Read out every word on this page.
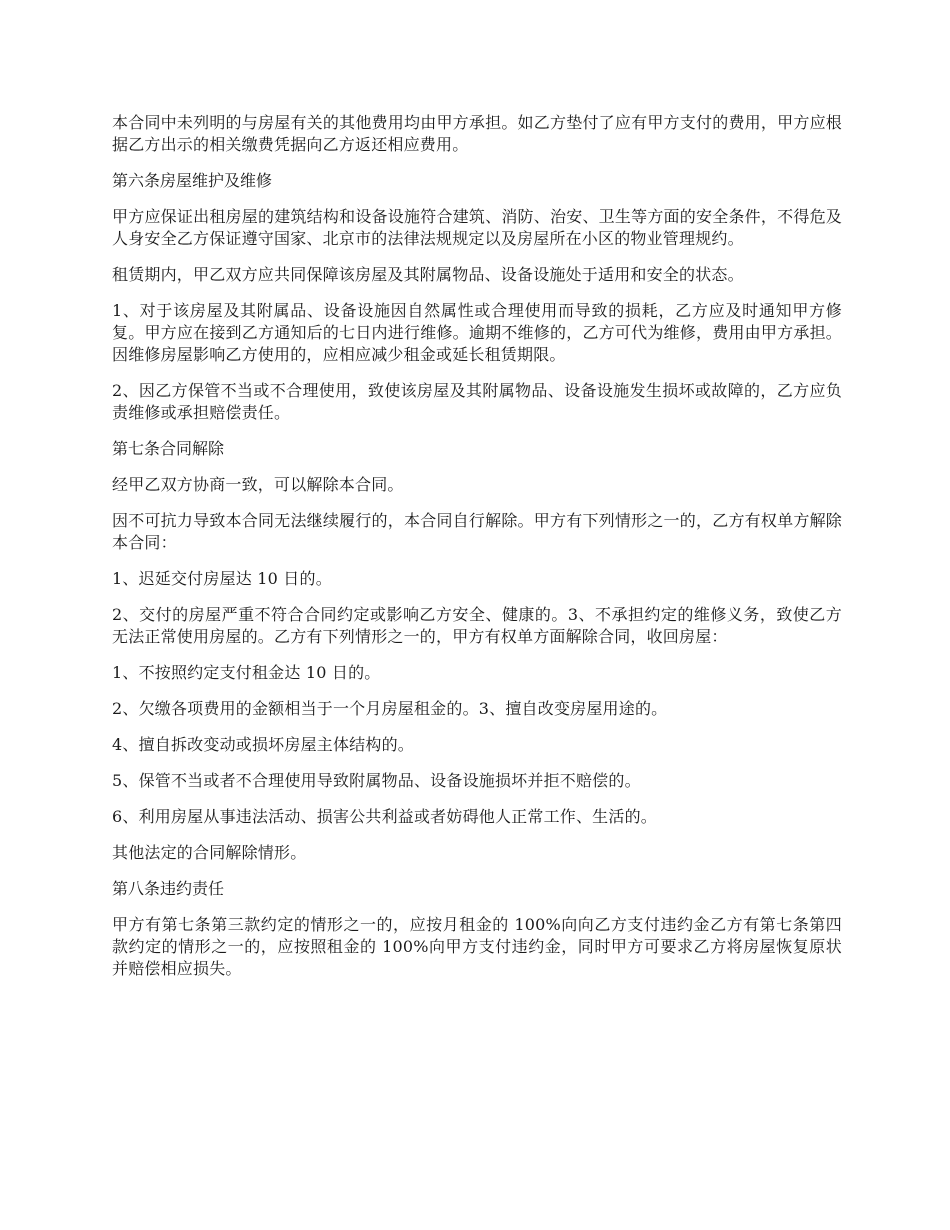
本合同中未列明的与房屋有关的其他费用均由甲方承担。如乙方垫付了应有甲方支付的费用，甲方应根据乙方出示的相关缴费凭据向乙方返还相应费用。

第六条房屋维护及维修

甲方应保证出租房屋的建筑结构和设备设施符合建筑、消防、治安、卫生等方面的安全条件，不得危及人身安全乙方保证遵守国家、北京市的法律法规规定以及房屋所在小区的物业管理规约。

租赁期内，甲乙双方应共同保障该房屋及其附属物品、设备设施处于适用和安全的状态。

1、对于该房屋及其附属品、设备设施因自然属性或合理使用而导致的损耗，乙方应及时通知甲方修复。甲方应在接到乙方通知后的七日内进行维修。逾期不维修的，乙方可代为维修，费用由甲方承担。因维修房屋影响乙方使用的，应相应减少租金或延长租赁期限。

2、因乙方保管不当或不合理使用，致使该房屋及其附属物品、设备设施发生损坏或故障的，乙方应负责维修或承担赔偿责任。

第七条合同解除

经甲乙双方协商一致，可以解除本合同。

因不可抗力导致本合同无法继续履行的，本合同自行解除。甲方有下列情形之一的，乙方有权单方解除本合同：

1、迟延交付房屋达 10 日的。

2、交付的房屋严重不符合合同约定或影响乙方安全、健康的。3、不承担约定的维修义务，致使乙方无法正常使用房屋的。乙方有下列情形之一的，甲方有权单方面解除合同，收回房屋：

1、不按照约定支付租金达 10 日的。

2、欠缴各项费用的金额相当于一个月房屋租金的。3、擅自改变房屋用途的。

4、擅自拆改变动或损坏房屋主体结构的。

5、保管不当或者不合理使用导致附属物品、设备设施损坏并拒不赔偿的。

6、利用房屋从事违法活动、损害公共利益或者妨碍他人正常工作、生活的。

其他法定的合同解除情形。

第八条违约责任

甲方有第七条第三款约定的情形之一的，应按月租金的 100%向向乙方支付违约金乙方有第七条第四款约定的情形之一的，应按照租金的 100%向甲方支付违约金，同时甲方可要求乙方将房屋恢复原状并赔偿相应损失。
